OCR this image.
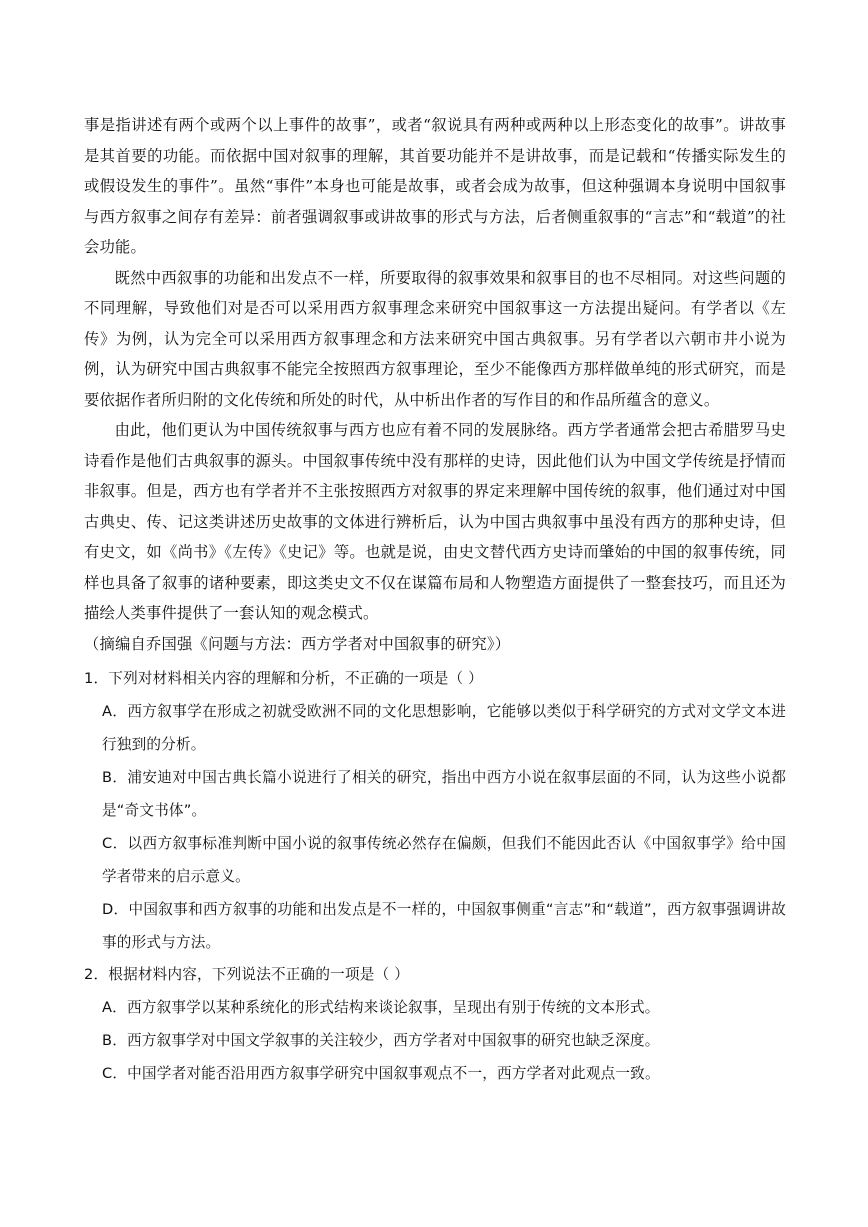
事是指讲述有两个或两个以上事件的故事”，或者“叙说具有两种或两种以上形态变化的故事”。讲故事是其首要的功能。而依据中国对叙事的理解，其首要功能并不是讲故事，而是记载和“传播实际发生的或假设发生的事件”。虽然“事件”本身也可能是故事，或者会成为故事，但这种强调本身说明中国叙事与西方叙事之间存有差异：前者强调叙事或讲故事的形式与方法，后者侧重叙事的“言志”和“载道”的社会功能。

既然中西叙事的功能和出发点不一样，所要取得的叙事效果和叙事目的也不尽相同。对这些问题的不同理解，导致他们对是否可以采用西方叙事理念来研究中国叙事这一方法提出疑问。有学者以《左传》为例，认为完全可以采用西方叙事理念和方法来研究中国古典叙事。另有学者以六朝市井小说为例，认为研究中国古典叙事不能完全按照西方叙事理论，至少不能像西方那样做单纯的形式研究，而是要依据作者所归附的文化传统和所处的时代，从中析出作者的写作目的和作品所蕴含的意义。

由此，他们更认为中国传统叙事与西方也应有着不同的发展脉络。西方学者通常会把古希腊罗马史诗看作是他们古典叙事的源头。中国叙事传统中没有那样的史诗，因此他们认为中国文学传统是抒情而非叙事。但是，西方也有学者并不主张按照西方对叙事的界定来理解中国传统的叙事，他们通过对中国古典史、传、记这类讲述历史故事的文体进行辨析后，认为中国古典叙事中虽没有西方的那种史诗，但有史文，如《尚书》《左传》《史记》等。也就是说，由史文替代西方史诗而肇始的中国的叙事传统，同样也具备了叙事的诸种要素，即这类史文不仅在谋篇布局和人物塑造方面提供了一整套技巧，而且还为描绘人类事件提供了一套认知的观念模式。

（摘编自乔国强《问题与方法：西方学者对中国叙事的研究》）

1．下列对材料相关内容的理解和分析，不正确的一项是（ ）

A．西方叙事学在形成之初就受欧洲不同的文化思想影响，它能够以类似于科学研究的方式对文学文本进行独到的分析。

B．浦安迪对中国古典长篇小说进行了相关的研究，指出中西方小说在叙事层面的不同，认为这些小说都是“奇文书体”。

C．以西方叙事标准判断中国小说的叙事传统必然存在偏颇，但我们不能因此否认《中国叙事学》给中国学者带来的启示意义。

D．中国叙事和西方叙事的功能和出发点是不一样的，中国叙事侧重“言志”和“载道”，西方叙事强调讲故事的形式与方法。

2．根据材料内容，下列说法不正确的一项是（ ）

A．西方叙事学以某种系统化的形式结构来谈论叙事，呈现出有别于传统的文本形式。

B．西方叙事学对中国文学叙事的关注较少，西方学者对中国叙事的研究也缺乏深度。

C．中国学者对能否沿用西方叙事学研究中国叙事观点不一，西方学者对此观点一致。
